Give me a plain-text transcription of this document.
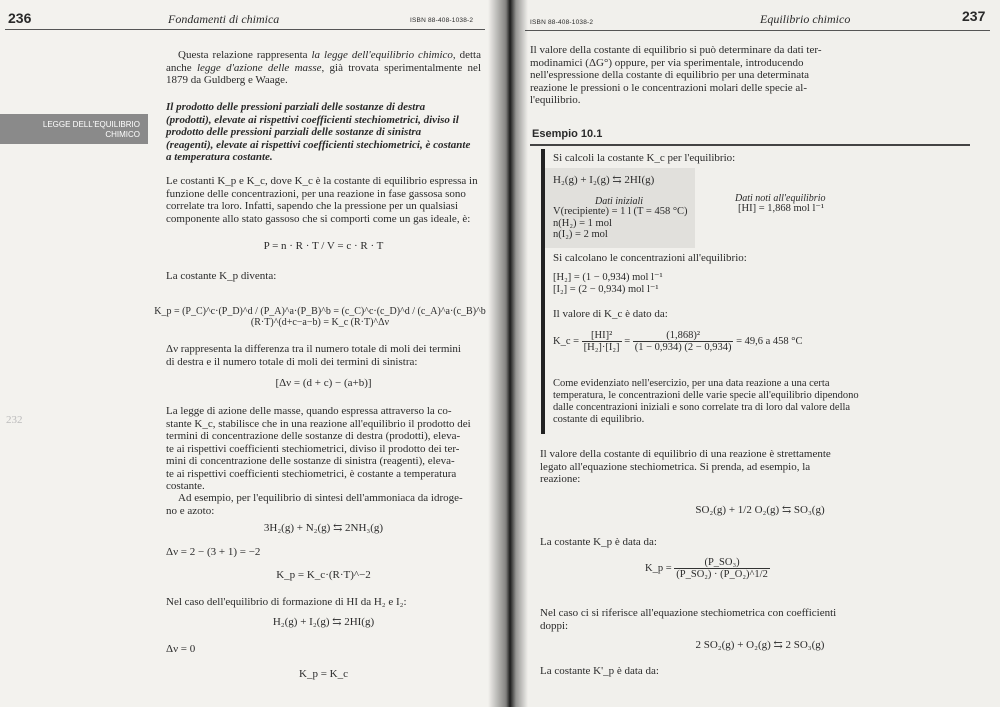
236	Fondamenti di chimica	ISBN 88-408-1038-2
LEGGE DELL'EQUILIBRIO
CHIMICO
232

Questa relazione rappresenta la legge dell'equilibrio chimico, detta anche legge d'azione delle masse, già trovata sperimentalmente nel 1879 da Guldberg e Waage.

Il prodotto delle pressioni parziali delle sostanze di destra
(prodotti), elevate ai rispettivi coefficienti stechiometrici, diviso il
prodotto delle pressioni parziali delle sostanze di sinistra
(reagenti), elevate ai rispettivi coefficienti stechiometrici, è costante
a temperatura costante.
Le costanti K_p e K_c, dove K_c è la costante di equilibrio espressa in
funzione delle concentrazioni, per una reazione in fase gassosa sono
correlate tra loro. Infatti, sapendo che la pressione per un qualsiasi
componente allo stato gassoso che si comporti come un gas ideale, è:
P = n · R · T / V = c · R · T
La costante K_p diventa:
K_p = (P_C)^c·(P_D)^d / (P_A)^a·(P_B)^b = (c_C)^c·(c_D)^d / (c_A)^a·(c_B)^b (R·T)^(d+c−a−b) = K_c (R·T)^Δν
Δν rappresenta la differenza tra il numero totale di moli dei termini
di destra e il numero totale di moli dei termini di sinistra:
[Δν = (d + c) − (a+b)]
La legge di azione delle masse, quando espressa attraverso la co-
stante K_c, stabilisce che in una reazione all'equilibrio il prodotto dei
termini di concentrazione delle sostanze di destra (prodotti), eleva-
te ai rispettivi coefficienti stechiometrici, diviso il prodotto dei ter-
mini di concentrazione delle sostanze di sinistra (reagenti), eleva-
te ai rispettivi coefficienti stechiometrici, è costante a temperatura
costante.
Ad esempio, per l'equilibrio di sintesi dell'ammoniaca da idroge-
no e azoto:
3H₂(g) + N₂(g) ⇆ 2NH₃(g)
Δν = 2 − (3 + 1) = −2
K_p = K_c·(R·T)^−2
Nel caso dell'equilibrio di formazione di HI da H₂ e I₂:
H₂(g) + I₂(g) ⇆ 2HI(g)
Δν = 0
K_p = K_c
ISBN 88-408-1038-2	Equilibrio chimico	237
Il valore della costante di equilibrio si può determinare da dati ter-
modinamici (ΔG°) oppure, per via sperimentale, introducendo
nell'espressione della costante di equilibrio per una determinata
reazione le pressioni o le concentrazioni molari delle specie al-
l'equilibrio.
Esempio 10.1
Si calcoli la costante K_c per l'equilibrio:
H₂(g) + I₂(g) ⇆ 2HI(g)
Dati iniziali	Dati noti all'equilibrio
V(recipiente) = 1 l (T = 458 °C)	[HI] = 1,868 mol l⁻¹
n(H₂) = 1 mol
n(I₂) = 2 mol
Si calcolano le concentrazioni all'equilibrio:
[H₂] = (1 − 0,934) mol l⁻¹
[I₂] = (2 − 0,934) mol l⁻¹
Il valore di K_c è dato da:
K_c = $\frac{\text{[HI]²}}{\text{[H₂]·[I₂]}} = \frac{\text{(1,868)²}}{(1 - 0,934) (2 - 0,934)} = 49,6$ a 458 °C
Come evidenziato nell'esercizio, per una data reazione a una certa
temperatura, le concentrazioni delle varie specie all'equilibrio dipendono
dalle concentrazioni iniziali e sono correlate tra di loro dal valore della
costante di equilibrio.
Il valore della costante di equilibrio di una reazione è strettamente
legato all'equazione stechiometrica. Si prenda, ad esempio, la
reazione:
SO₂(g) + 1/2 O₂(g) ⇆ SO₃(g)
La costante K_p è data da:
K_p = $\frac{\text{(P\_SO₃)}}{\text{(P\_SO₂) · (P\_O₂)\textasciicircum{}1/2}}$
Nel caso ci si riferisce all'equazione stechiometrica con coefficienti
doppi:
2 SO₂(g) + O₂(g) ⇆ 2 SO₃(g)
La costante K'_p è data da:
